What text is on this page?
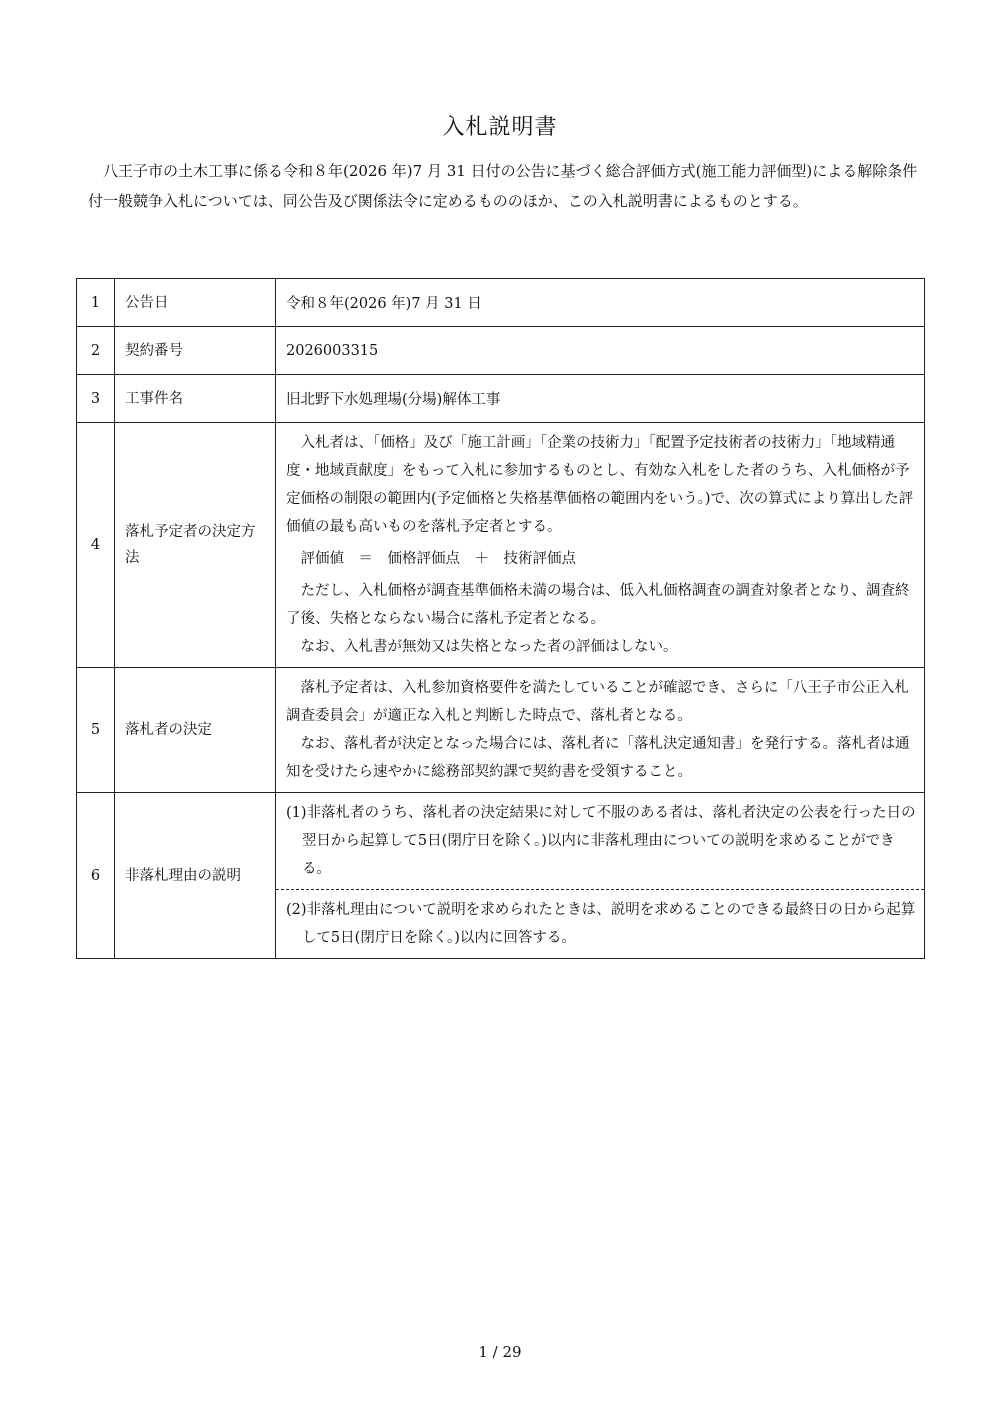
入札説明書

八王子市の土木工事に係る令和８年(2026 年)7 月 31 日付の公告に基づく総合評価方式(施工能力評価型)による解除条件付一般競争入札については、同公告及び関係法令に定めるもののほか、この入札説明書によるものとする。

1	公告日	令和８年(2026 年)7 月 31 日
2	契約番号	2026003315
3	工事件名	旧北野下水処理場(分場)解体工事
4	落札予定者の決定方法	入札者は、「価格」及び「施工計画」「企業の技術力」「配置予定技術者の技術力」「地域精通度・地域貢献度」をもって入札に参加するものとし、有効な入札をした者のうち、入札価格が予定価格の制限の範囲内(予定価格と失格基準価格の範囲内をいう。)で、次の算式により算出した評価値の最も高いものを落札予定者とする。

評価値　＝　価格評価点　＋　技術評価点

ただし、入札価格が調査基準価格未満の場合は、低入札価格調査の調査対象者となり、調査終了後、失格とならない場合に落札予定者となる。

なお、入札書が無効又は失格となった者の評価はしない。

5	落札者の決定	落札予定者は、入札参加資格要件を満たしていることが確認でき、さらに「八王子市公正入札調査委員会」が適正な入札と判断した時点で、落札者となる。

なお、落札者が決定となった場合には、落札者に「落札決定通知書」を発行する。落札者は通知を受けたら速やかに総務部契約課で契約書を受領すること。

6	非落札理由の説明	(1)非落札者のうち、落札者の決定結果に対して不服のある者は、落札者決定の公表を行った日の翌日から起算して5日(閉庁日を除く。)以内に非落札理由についての説明を求めることができる。
(2)非落札理由について説明を求められたときは、説明を求めることのできる最終日の日から起算して5日(閉庁日を除く。)以内に回答する。
1 / 29
